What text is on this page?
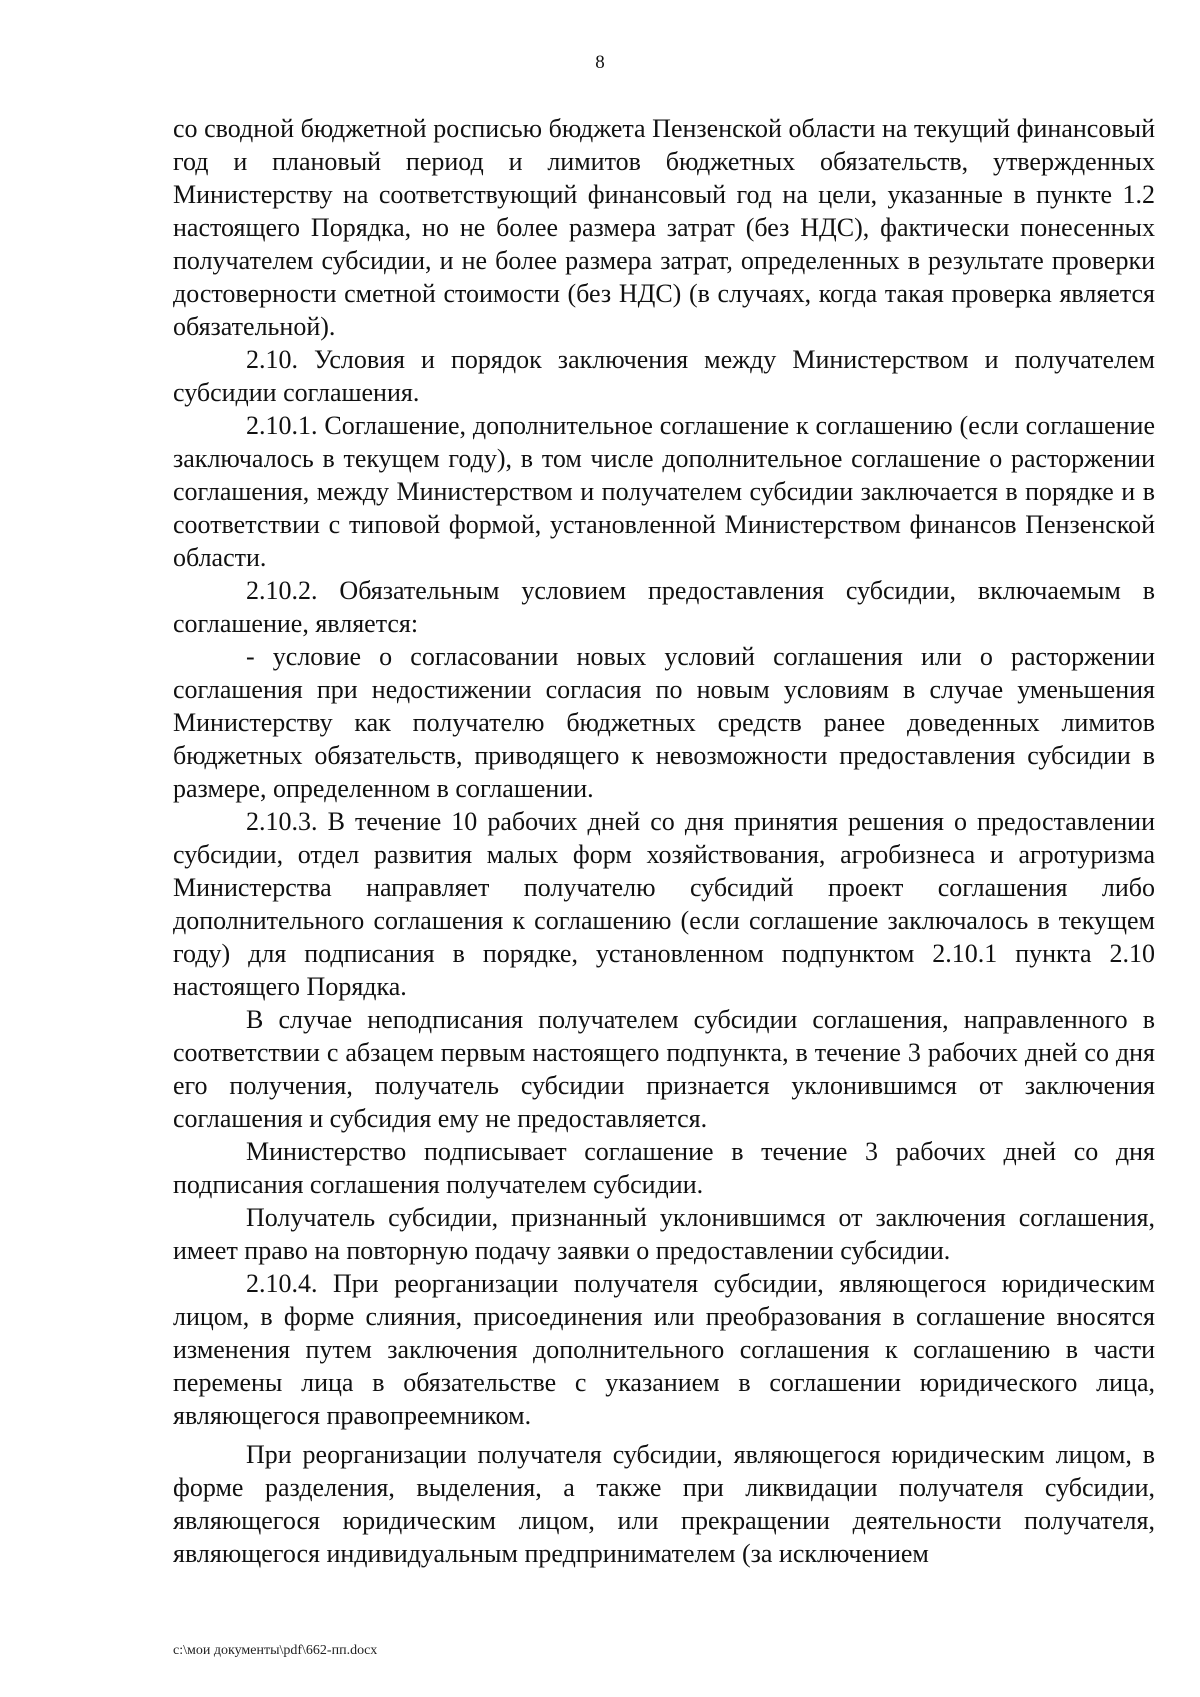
8

со сводной бюджетной росписью бюджета Пензенской области на текущий финансовый год и плановый период и лимитов бюджетных обязательств, утвержденных Министерству на соответствующий финансовый год на цели, указанные в пункте 1.2 настоящего Порядка, но не более размера затрат (без НДС), фактически понесенных получателем субсидии, и не более размера затрат, определенных в результате проверки достоверности сметной стоимости (без НДС) (в случаях, когда такая проверка является обязательной).

2.10. Условия и порядок заключения между Министерством и получателем субсидии соглашения.

2.10.1. Соглашение, дополнительное соглашение к соглашению (если соглашение заключалось в текущем году), в том числе дополнительное соглашение о расторжении соглашения, между Министерством и получателем субсидии заключается в порядке и в соответствии с типовой формой, установленной Министерством финансов Пензенской области.

2.10.2. Обязательным условием предоставления субсидии, включаемым в соглашение, является:

- условие о согласовании новых условий соглашения или о расторжении соглашения при недостижении согласия по новым условиям в случае уменьшения Министерству как получателю бюджетных средств ранее доведенных лимитов бюджетных обязательств, приводящего к невозможности предоставления субсидии в размере, определенном в соглашении.

2.10.3. В течение 10 рабочих дней со дня принятия решения о предоставлении субсидии, отдел развития малых форм хозяйствования, агробизнеса и агротуризма Министерства направляет получателю субсидий проект соглашения либо дополнительного соглашения к соглашению (если соглашение заключалось в текущем году) для подписания в порядке, установленном подпунктом 2.10.1 пункта 2.10 настоящего Порядка.

В случае неподписания получателем субсидии соглашения, направленного в соответствии с абзацем первым настоящего подпункта, в течение 3 рабочих дней со дня его получения, получатель субсидии признается уклонившимся от заключения соглашения и субсидия ему не предоставляется.

Министерство подписывает соглашение в течение 3 рабочих дней со дня подписания соглашения получателем субсидии.

Получатель субсидии, признанный уклонившимся от заключения соглашения, имеет право на повторную подачу заявки о предоставлении субсидии.

2.10.4. При реорганизации получателя субсидии, являющегося юридическим лицом, в форме слияния, присоединения или преобразования в соглашение вносятся изменения путем заключения дополнительного соглашения к соглашению в части перемены лица в обязательстве с указанием в соглашении юридического лица, являющегося правопреемником.

При реорганизации получателя субсидии, являющегося юридическим лицом, в форме разделения, выделения, а также при ликвидации получателя субсидии, являющегося юридическим лицом, или прекращении деятельности получателя, являющегося индивидуальным предпринимателем (за исключением

c:\мои документы\pdf\662-пп.docx
